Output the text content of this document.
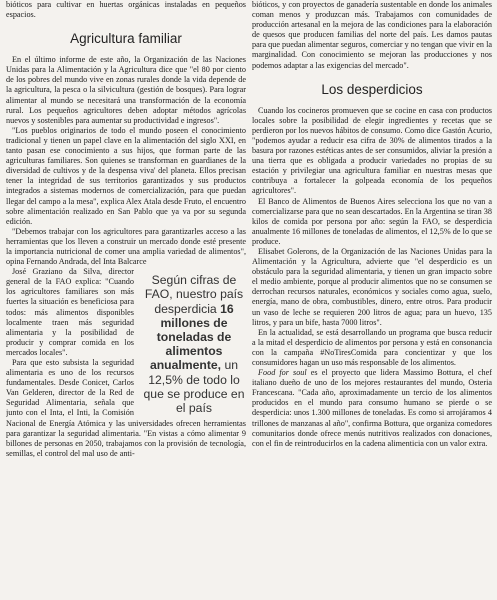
bióticos para cultivar en huertas orgánicas instaladas en pequeños espacios.

Agricultura familiar

En el último informe de este año, la Organización de las Naciones Unidas para la Alimentación y la Agricultura dice que "el 80 por ciento de los pobres del mundo vive en zonas rurales donde la vida depende de la agricultura, la pesca o la silvicultura (gestión de bosques). Para lograr alimentar al mundo se necesitará una transformación de la economía rural. Los pequeños agricultores deben adoptar métodos agrícolas nuevos y sostenibles para aumentar su productividad e ingresos".

"Los pueblos originarios de todo el mundo poseen el conocimiento tradicional y tienen un papel clave en la alimentación del siglo XXI, en tanto pasan ese conocimiento a sus hijos, que forman parte de las agriculturas familiares. Son quienes se transforman en guardianes de la diversidad de cultivos y de la despensa viva' del planeta. Ellos precisan tener la integridad de sus territorios garantizados y sus productos integrados a sistemas modernos de comercialización, para que puedan llegar del campo a la mesa", explica Alex Atala desde Fruto, el encuentro sobre alimentación realizado en San Pablo que ya va por su segunda edición.

"Debemos trabajar con los agricultores para garantizarles acceso a las herramientas que los lleven a construir un mercado donde esté presente la importancia nutricional de comer una amplia variedad de alimentos", opina Fernando Andrada, del Inta Balcarce

Según cifras de FAO, nuestro país desperdicia 16 millones de toneladas de alimentos anualmente, un 12,5% de todo lo que se produce en el país

José Graziano da Silva, director general de la FAO explica: "Cuando los agricultores familiares son más fuertes la situación es beneficiosa para todos: más alimentos disponibles localmente traen más seguridad alimentaria y la posibilidad de producir y comprar comida en los mercados locales".

Para que esto subsista la seguridad alimentaria es uno de los recursos fundamentales. Desde Conicet, Carlos Van Gelderen, director de la Red de Seguridad Alimentaria, señala que junto con el Inta, el Inti, la Comisión Nacional de Energía Atómica y las universidades ofrecen herramientas para garantizar la seguridad alimentaria. "En vistas a cómo alimentar 9 billones de personas en 2050, trabajamos con la provisión de tecnología, semillas, el control del mal uso de anti-

bióticos, y con proyectos de ganadería sustentable en donde los animales coman menos y produzcan más. Trabajamos con comunidades de producción artesanal en la mejora de las condiciones para la elaboración de quesos que producen familias del norte del país. Les damos pautas para que puedan alimentar seguros, comerciar y no tengan que vivir en la marginalidad. Con conocimiento se mejoran las producciones y nos podemos adaptar a las exigencias del mercado".

Los desperdicios

Cuando los cocineros promueven que se cocine en casa con productos locales sobre la posibilidad de elegir ingredientes y recetas que se perdieron por los nuevos hábitos de consumo. Como dice Gastón Acurio, "podemos ayudar a reducir esa cifra de 30% de alimentos tirados a la basura por razones estéticas antes de ser consumidos, aliviar la presión a una tierra que es obligada a producir variedades no propias de su estación y privilegiar una agricultura familiar en nuestras mesas que contribuya a fortalecer la golpeada economía de los pequeños agricultores".

El Banco de Alimentos de Buenos Aires selecciona los que no van a comercializarse para que no sean descartados. En la Argentina se tiran 38 kilos de comida por persona por año: según la FAO, se desperdicia anualmente 16 millones de toneladas de alimentos, el 12,5% de lo que se produce.

Elisabet Golerons, de la Organización de las Naciones Unidas para la Alimentación y la Agricultura, advierte que "el desperdicio es un obstáculo para la seguridad alimentaria, y tienen un gran impacto sobre el medio ambiente, porque al producir alimentos que no se consumen se derrochan recursos naturales, económicos y sociales como agua, suelo, energía, mano de obra, combustibles, dinero, entre otros. Para producir un vaso de leche se requieren 200 litros de agua; para un huevo, 135 litros, y para un bife, hasta 7000 litros".

En la actualidad, se está desarrollando un programa que busca reducir a la mitad el desperdicio de alimentos por persona y está en consonancia con la campaña #NoTiresComida para concientizar y que los consumidores hagan un uso más responsable de los alimentos.

Food for soul es el proyecto que lidera Massimo Bottura, el chef italiano dueño de uno de los mejores restaurantes del mundo, Osteria Francescana. "Cada año, aproximadamente un tercio de los alimentos producidos en el mundo para consumo humano se pierde o se desperdicia: unos 1.300 millones de toneladas. Es como si arrojáramos 4 trillones de manzanas al año", confirma Bottura, que organiza comedores comunitarios donde ofrece menús nutritivos realizados con donaciones, con el fin de reintroducirlos en la cadena alimenticia con un valor extra.
